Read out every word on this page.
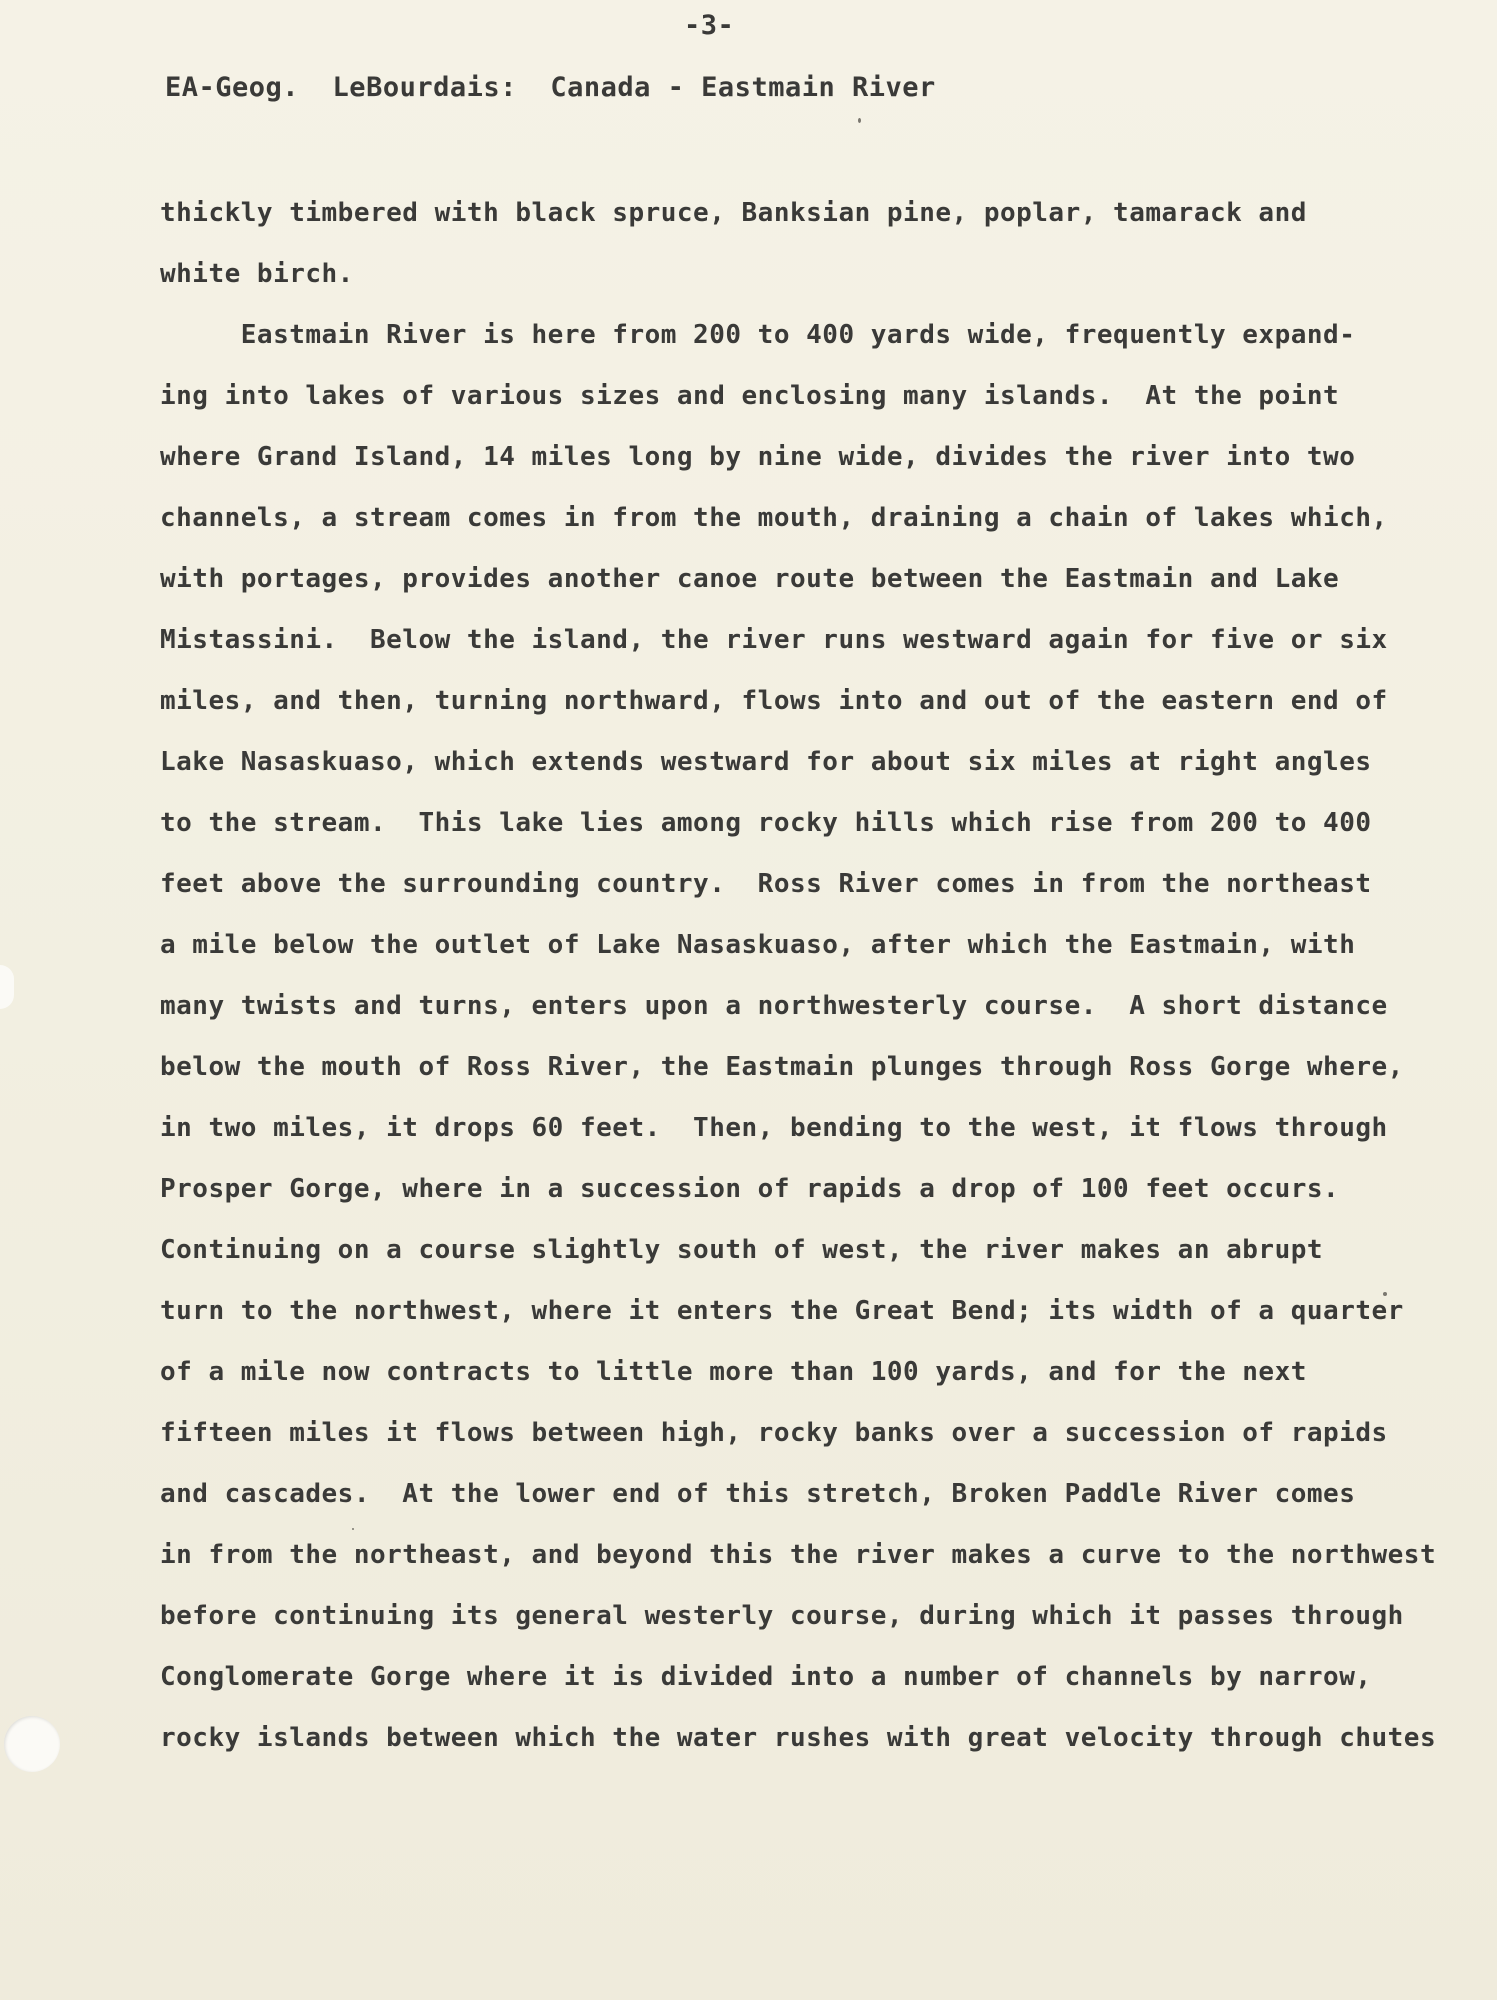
-3-
EA-Geog.  LeBourdais:  Canada - Eastmain River
thickly timbered with black spruce, Banksian pine, poplar, tamarack and
white birch.
Eastmain River is here from 200 to 400 yards wide, frequently expand-
ing into lakes of various sizes and enclosing many islands.  At the point
where Grand Island, 14 miles long by nine wide, divides the river into two
channels, a stream comes in from the mouth, draining a chain of lakes which,
with portages, provides another canoe route between the Eastmain and Lake
Mistassini.  Below the island, the river runs westward again for five or six
miles, and then, turning northward, flows into and out of the eastern end of
Lake Nasaskuaso, which extends westward for about six miles at right angles
to the stream.  This lake lies among rocky hills which rise from 200 to 400
feet above the surrounding country.  Ross River comes in from the northeast
a mile below the outlet of Lake Nasaskuaso, after which the Eastmain, with
many twists and turns, enters upon a northwesterly course.  A short distance
below the mouth of Ross River, the Eastmain plunges through Ross Gorge where,
in two miles, it drops 60 feet.  Then, bending to the west, it flows through
Prosper Gorge, where in a succession of rapids a drop of 100 feet occurs.
Continuing on a course slightly south of west, the river makes an abrupt
turn to the northwest, where it enters the Great Bend; its width of a quarter
of a mile now contracts to little more than 100 yards, and for the next
fifteen miles it flows between high, rocky banks over a succession of rapids
and cascades.  At the lower end of this stretch, Broken Paddle River comes
in from the northeast, and beyond this the river makes a curve to the northwest
before continuing its general westerly course, during which it passes through
Conglomerate Gorge where it is divided into a number of channels by narrow,
rocky islands between which the water rushes with great velocity through chutes
